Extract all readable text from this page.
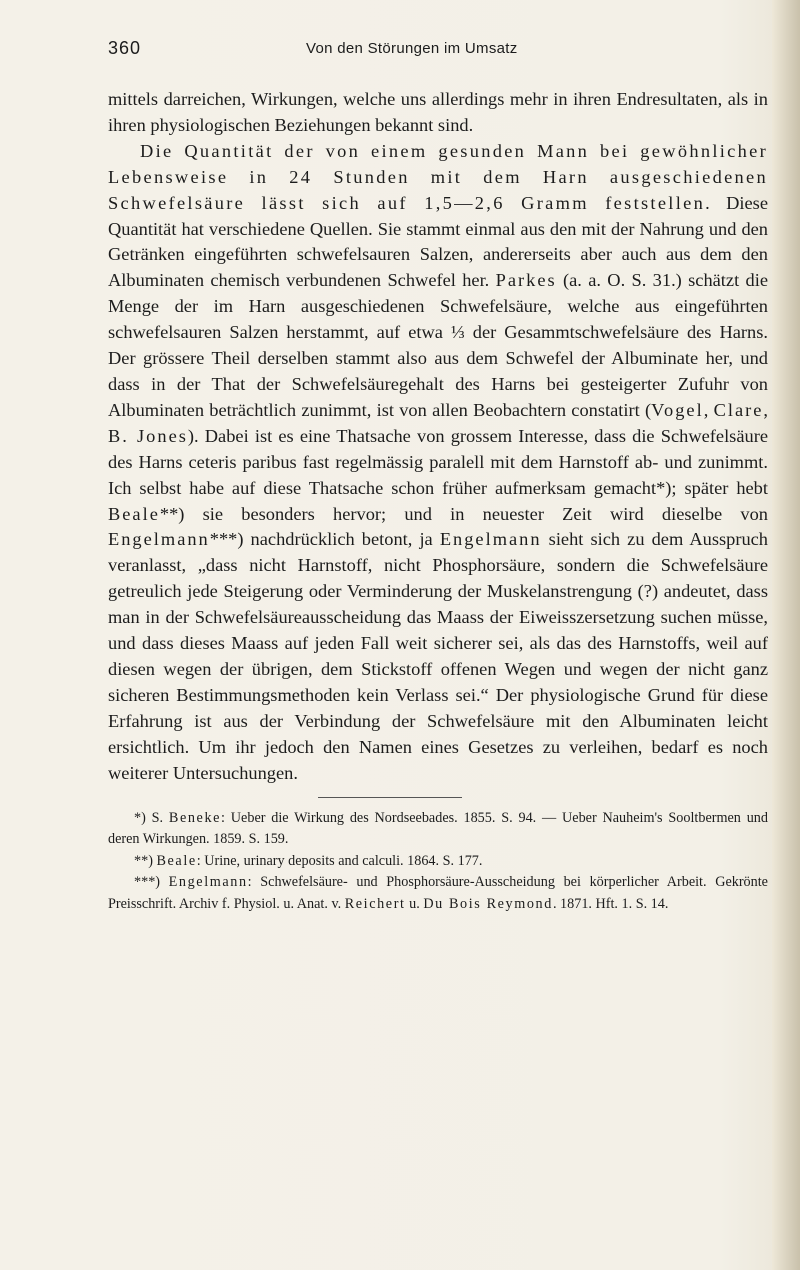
360	Von den Störungen im Umsatz

mittels darreichen, Wirkungen, welche uns allerdings mehr in ihren Endresultaten, als in ihren physiologischen Beziehungen bekannt sind.

Die Quantität der von einem gesunden Mann bei gewöhnlicher Lebensweise in 24 Stunden mit dem Harn ausgeschiedenen Schwefelsäure lässt sich auf 1,5—2,6 Gramm feststellen. Diese Quantität hat verschiedene Quellen. Sie stammt einmal aus den mit der Nahrung und den Getränken eingeführten schwefelsauren Salzen, andererseits aber auch aus dem den Albuminaten chemisch verbundenen Schwefel her. Parkes (a. a. O. S. 31.) schätzt die Menge der im Harn ausgeschiedenen Schwefelsäure, welche aus eingeführten schwefelsauren Salzen herstammt, auf etwa ⅓ der Gesammtschwefelsäure des Harns. Der grössere Theil derselben stammt also aus dem Schwefel der Albuminate her, und dass in der That der Schwefelsäuregehalt des Harns bei gesteigerter Zufuhr von Albuminaten beträchtlich zunimmt, ist von allen Beobachtern constatirt (Vogel, Clare, B. Jones). Dabei ist es eine Thatsache von grossem Interesse, dass die Schwefelsäure des Harns ceteris paribus fast regelmässig paralell mit dem Harnstoff ab- und zunimmt. Ich selbst habe auf diese Thatsache schon früher aufmerksam gemacht*); später hebt Beale**) sie besonders hervor; und in neuester Zeit wird dieselbe von Engelmann***) nachdrücklich betont, ja Engelmann sieht sich zu dem Ausspruch veranlasst, „dass nicht Harnstoff, nicht Phosphorsäure, sondern die Schwefelsäure getreulich jede Steigerung oder Verminderung der Muskelanstrengung (?) andeutet, dass man in der Schwefelsäureausscheidung das Maass der Eiweisszersetzung suchen müsse, und dass dieses Maass auf jeden Fall weit sicherer sei, als das des Harnstoffs, weil auf diesen wegen der übrigen, dem Stickstoff offenen Wegen und wegen der nicht ganz sicheren Bestimmungsmethoden kein Verlass sei.“ Der physiologische Grund für diese Erfahrung ist aus der Verbindung der Schwefelsäure mit den Albuminaten leicht ersichtlich. Um ihr jedoch den Namen eines Gesetzes zu verleihen, bedarf es noch weiterer Untersuchungen.

*) S. Beneke: Ueber die Wirkung des Nordseebades. 1855. S. 94. — Ueber Nauheim's Sooltbermen und deren Wirkungen. 1859. S. 159.

**) Beale: Urine, urinary deposits and calculi. 1864. S. 177.

***) Engelmann: Schwefelsäure- und Phosphorsäure-Ausscheidung bei körperlicher Arbeit. Gekrönte Preisschrift. Archiv f. Physiol. u. Anat. v. Reichert u. Du Bois Reymond. 1871. Hft. 1. S. 14.
